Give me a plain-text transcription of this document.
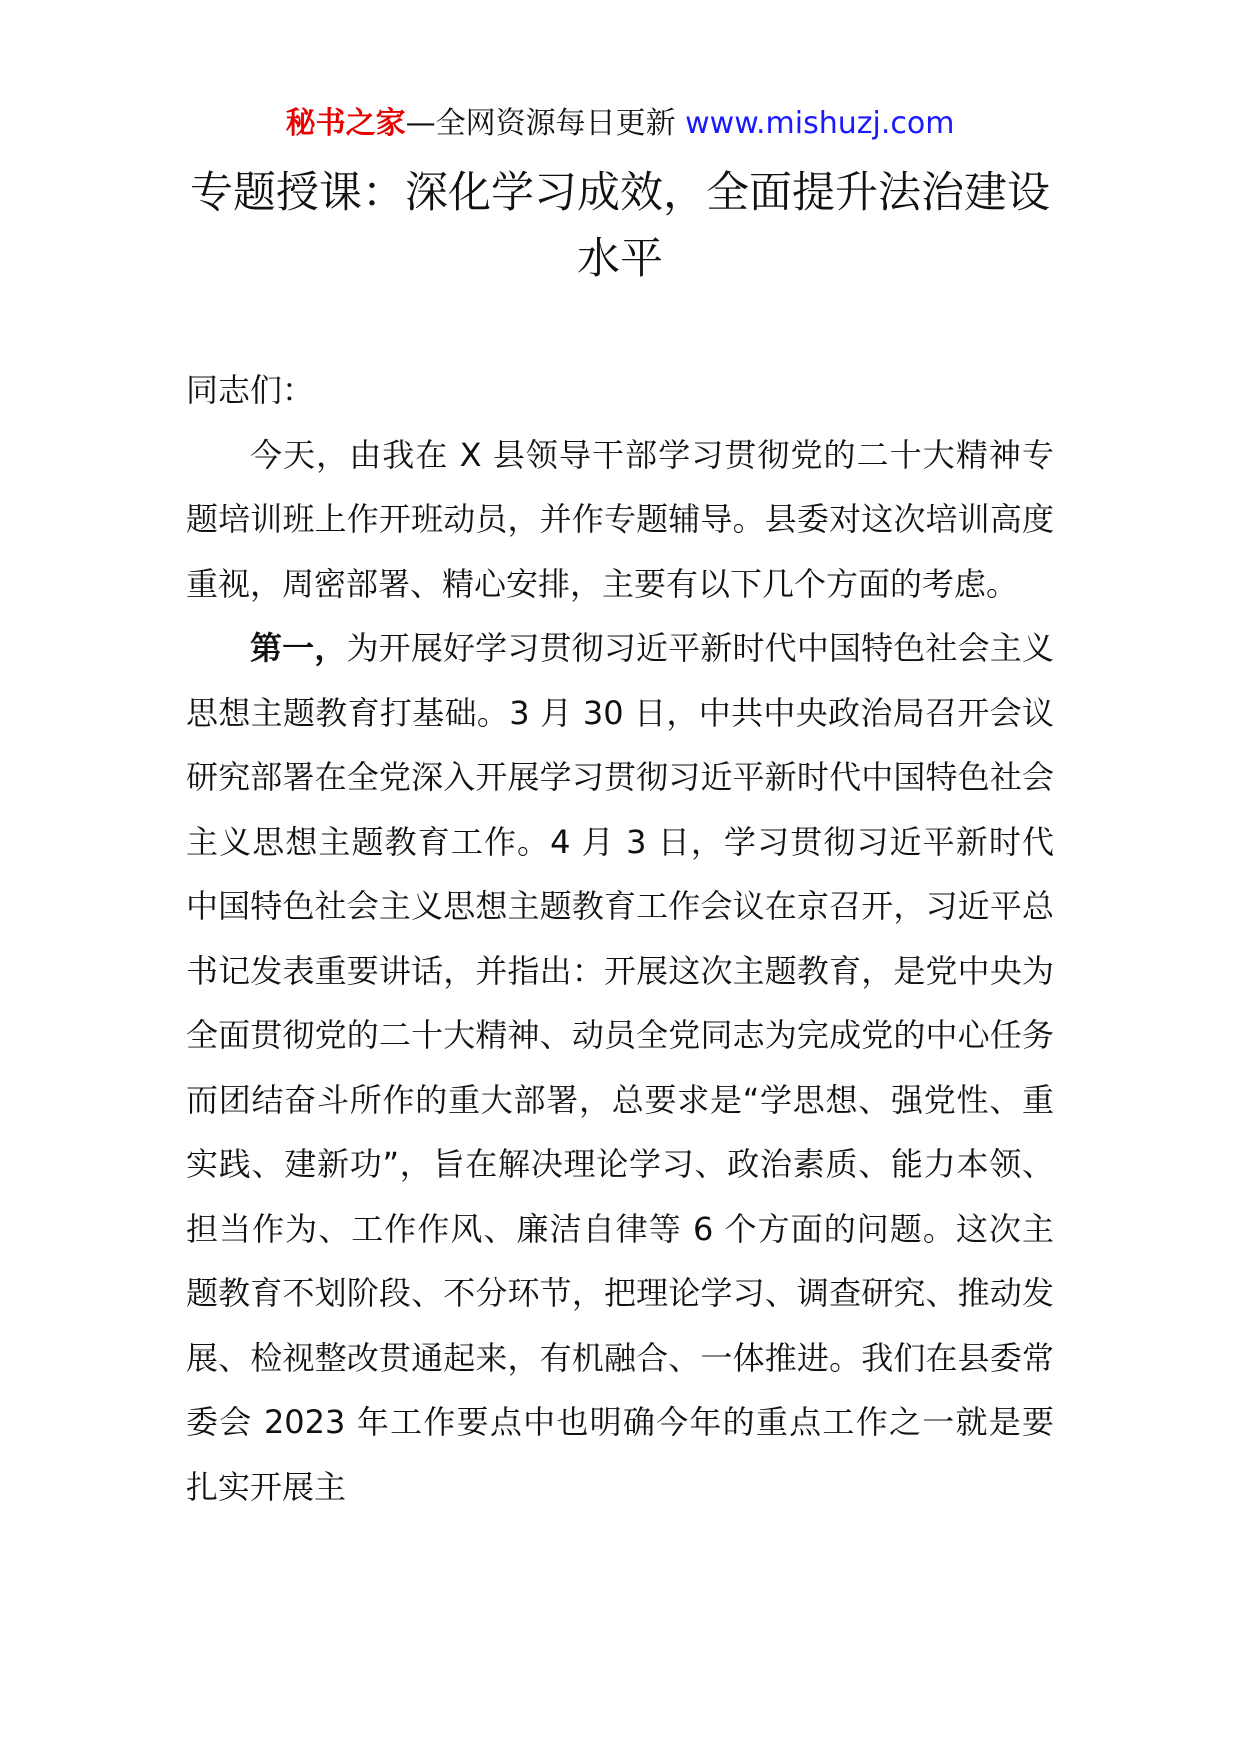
秘书之家—全网资源每日更新 www.mishuzj.com
专题授课：深化学习成效，全面提升法治建设水平

同志们：

今天，由我在 X 县领导干部学习贯彻党的二十大精神专题培训班上作开班动员，并作专题辅导。县委对这次培训高度重视，周密部署、精心安排，主要有以下几个方面的考虑。

第一，为开展好学习贯彻习近平新时代中国特色社会主义思想主题教育打基础。3 月 30 日，中共中央政治局召开会议研究部署在全党深入开展学习贯彻习近平新时代中国特色社会主义思想主题教育工作。4 月 3 日，学习贯彻习近平新时代中国特色社会主义思想主题教育工作会议在京召开，习近平总书记发表重要讲话，并指出：开展这次主题教育，是党中央为全面贯彻党的二十大精神、动员全党同志为完成党的中心任务而团结奋斗所作的重大部署，总要求是“学思想、强党性、重实践、建新功”，旨在解决理论学习、政治素质、能力本领、担当作为、工作作风、廉洁自律等 6 个方面的问题。这次主题教育不划阶段、不分环节，把理论学习、调查研究、推动发展、检视整改贯通起来，有机融合、一体推进。我们在县委常委会 2023 年工作要点中也明确今年的重点工作之一就是要扎实开展主
